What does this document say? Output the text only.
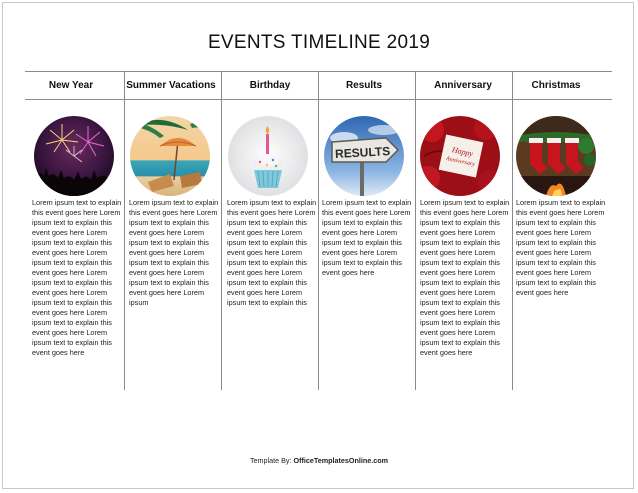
EVENTS TIMELINE 2019
New Year
Lorem ipsum text to explain this event goes here Lorem ipsum text to explain this event goes here Lorem ipsum text to explain this event goes here Lorem ipsum text to explain this event goes here Lorem ipsum text to explain this event goes here Lorem ipsum text to explain this event goes here Lorem ipsum text to explain this event goes here Lorem ipsum text to explain this event goes here
Summer Vacations
Lorem ipsum text to explain this event goes here Lorem ipsum text to explain this event goes here Lorem ipsum text to explain this event goes here Lorem ipsum text to explain this event goes here Lorem ipsum text to explain this event goes here Lorem ipsum
Birthday
Lorem ipsum text to explain this event goes here Lorem ipsum text to explain this event goes here Lorem ipsum text to explain this event goes here Lorem ipsum text to explain this event goes here Lorem ipsum text to explain this event goes here Lorem ipsum text to explain this
Results
RESULTS
Lorem ipsum text to explain this event goes here Lorem ipsum text to explain this event goes here Lorem ipsum text to explain this event goes here Lorem ipsum text to explain this event goes here
Anniversary
Happy
Anniversary
Lorem ipsum text to explain this event goes here Lorem ipsum text to explain this event goes here Lorem ipsum text to explain this event goes here Lorem ipsum text to explain this event goes here Lorem ipsum text to explain this event goes here Lorem ipsum text to explain this event goes here Lorem ipsum text to explain this event goes here Lorem ipsum text to explain this event goes here
Christmas
Lorem ipsum text to explain this event goes here Lorem ipsum text to explain this event goes here Lorem ipsum text to explain this event goes here Lorem ipsum text to explain this event goes here Lorem ipsum text to explain this event goes here
Template By: OfficeTemplatesOnline.com
